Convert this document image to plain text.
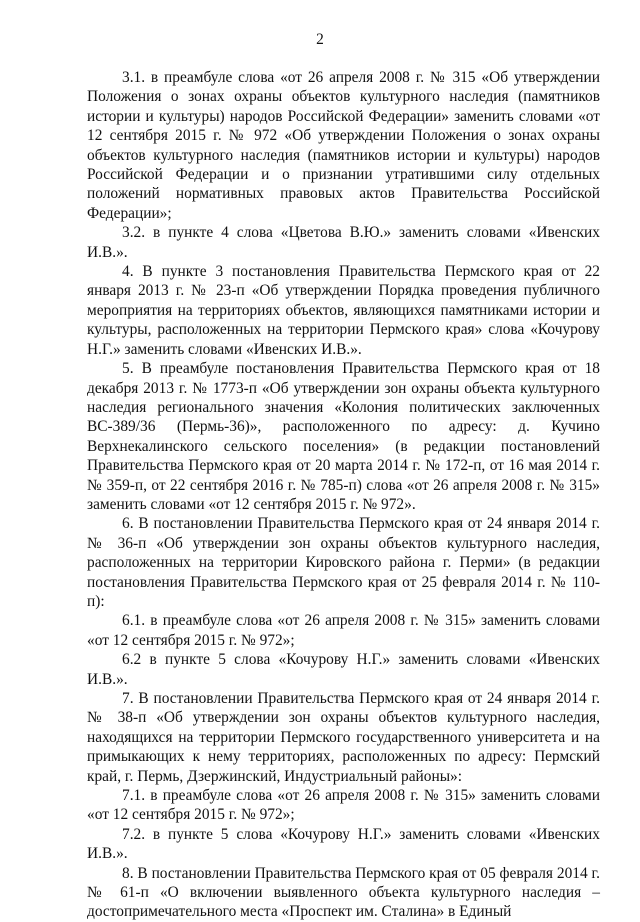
2

3.1. в преамбуле слова «от 26 апреля 2008 г. № 315 «Об утверждении Положения о зонах охраны объектов культурного наследия (памятников истории и культуры) народов Российской Федерации» заменить словами «от 12 сентября 2015 г. № 972 «Об утверждении Положения о зонах охраны объектов культурного наследия (памятников истории и культуры) народов Российской Федерации и о признании утратившими силу отдельных положений нормативных правовых актов Правительства Российской Федерации»;

3.2. в пункте 4 слова «Цветова В.Ю.» заменить словами «Ивенских И.В.».

4. В пункте 3 постановления Правительства Пермского края от 22 января 2013 г. № 23-п «Об утверждении Порядка проведения публичного мероприятия на территориях объектов, являющихся памятниками истории и культуры, расположенных на территории Пермского края» слова «Кочурову Н.Г.» заменить словами «Ивенских И.В.».

5. В преамбуле постановления Правительства Пермского края от 18 декабря 2013 г. № 1773-п «Об утверждении зон охраны объекта культурного наследия регионального значения «Колония политических заключенных ВС-389/36 (Пермь-36)», расположенного по адресу: д. Кучино Верхнекалинского сельского поселения» (в редакции постановлений Правительства Пермского края от 20 марта 2014 г. № 172-п, от 16 мая 2014 г. № 359-п, от 22 сентября 2016 г. № 785-п) слова «от 26 апреля 2008 г. № 315» заменить словами «от 12 сентября 2015 г. № 972».

6. В постановлении Правительства Пермского края от 24 января 2014 г. № 36-п «Об утверждении зон охраны объектов культурного наследия, расположенных на территории Кировского района г. Перми» (в редакции постановления Правительства Пермского края от 25 февраля 2014 г. № 110-п):

6.1. в преамбуле слова «от 26 апреля 2008 г. № 315» заменить словами «от 12 сентября 2015 г. № 972»;

6.2 в пункте 5 слова «Кочурову Н.Г.» заменить словами «Ивенских И.В.».

7. В постановлении Правительства Пермского края от 24 января 2014 г. № 38-п «Об утверждении зон охраны объектов культурного наследия, находящихся на территории Пермского государственного университета и на примыкающих к нему территориях, расположенных по адресу: Пермский край, г. Пермь, Дзержинский, Индустриальный районы»:

7.1. в преамбуле слова «от 26 апреля 2008 г. № 315» заменить словами «от 12 сентября 2015 г. № 972»;

7.2. в пункте 5 слова «Кочурову Н.Г.» заменить словами «Ивенских И.В.».

8. В постановлении Правительства Пермского края от 05 февраля 2014 г. № 61-п «О включении выявленного объекта культурного наследия – достопримечательного места «Проспект им. Сталина» в Единый
